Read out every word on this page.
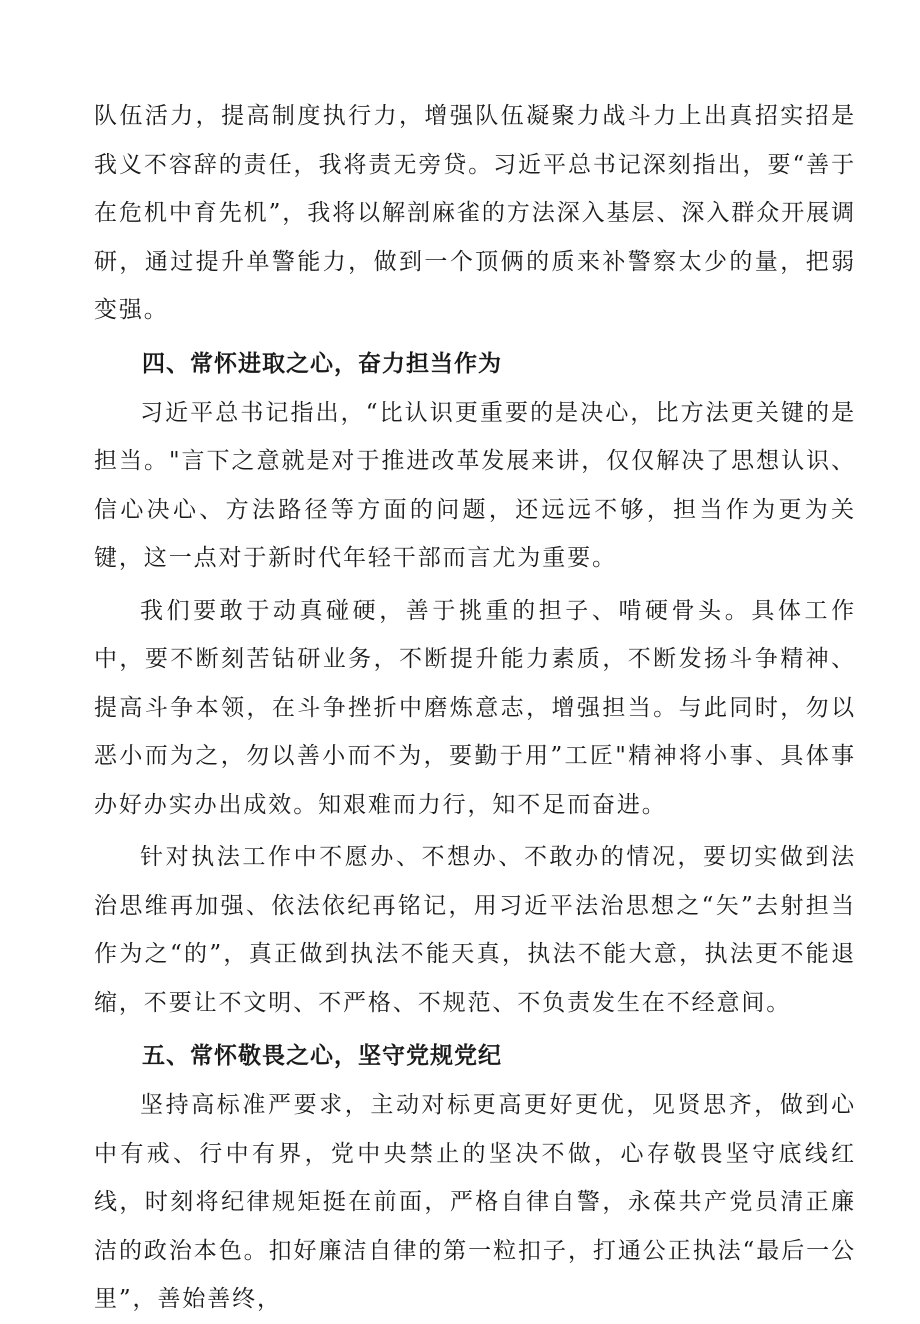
队伍活力，提高制度执行力，增强队伍凝聚力战斗力上出真招实招是我义不容辞的责任，我将责无旁贷。习近平总书记深刻指出，要“善于在危机中育先机”，我将以解剖麻雀的方法深入基层、深入群众开展调研，通过提升单警能力，做到一个顶俩的质来补警察太少的量，把弱变强。

四、常怀进取之心，奋力担当作为

习近平总书记指出，“比认识更重要的是决心，比方法更关键的是担当。"言下之意就是对于推进改革发展来讲，仅仅解决了思想认识、信心决心、方法路径等方面的问题，还远远不够，担当作为更为关键，这一点对于新时代年轻干部而言尤为重要。

我们要敢于动真碰硬，善于挑重的担子、啃硬骨头。具体工作中，要不断刻苦钻研业务，不断提升能力素质，不断发扬斗争精神、提高斗争本领，在斗争挫折中磨炼意志，增强担当。与此同时，勿以恶小而为之，勿以善小而不为，要勤于用”工匠"精神将小事、具体事办好办实办出成效。知艰难而力行，知不足而奋进。

针对执法工作中不愿办、不想办、不敢办的情况，要切实做到法治思维再加强、依法依纪再铭记，用习近平法治思想之“矢”去射担当作为之“的”，真正做到执法不能天真，执法不能大意，执法更不能退缩，不要让不文明、不严格、不规范、不负责发生在不经意间。

五、常怀敬畏之心，坚守党规党纪

坚持高标准严要求，主动对标更高更好更优，见贤思齐，做到心中有戒、行中有界，党中央禁止的坚决不做，心存敬畏坚守底线红线，时刻将纪律规矩挺在前面，严格自律自警，永葆共产党员清正廉洁的政治本色。扣好廉洁自律的第一粒扣子，打通公正执法“最后一公里”，善始善终，
